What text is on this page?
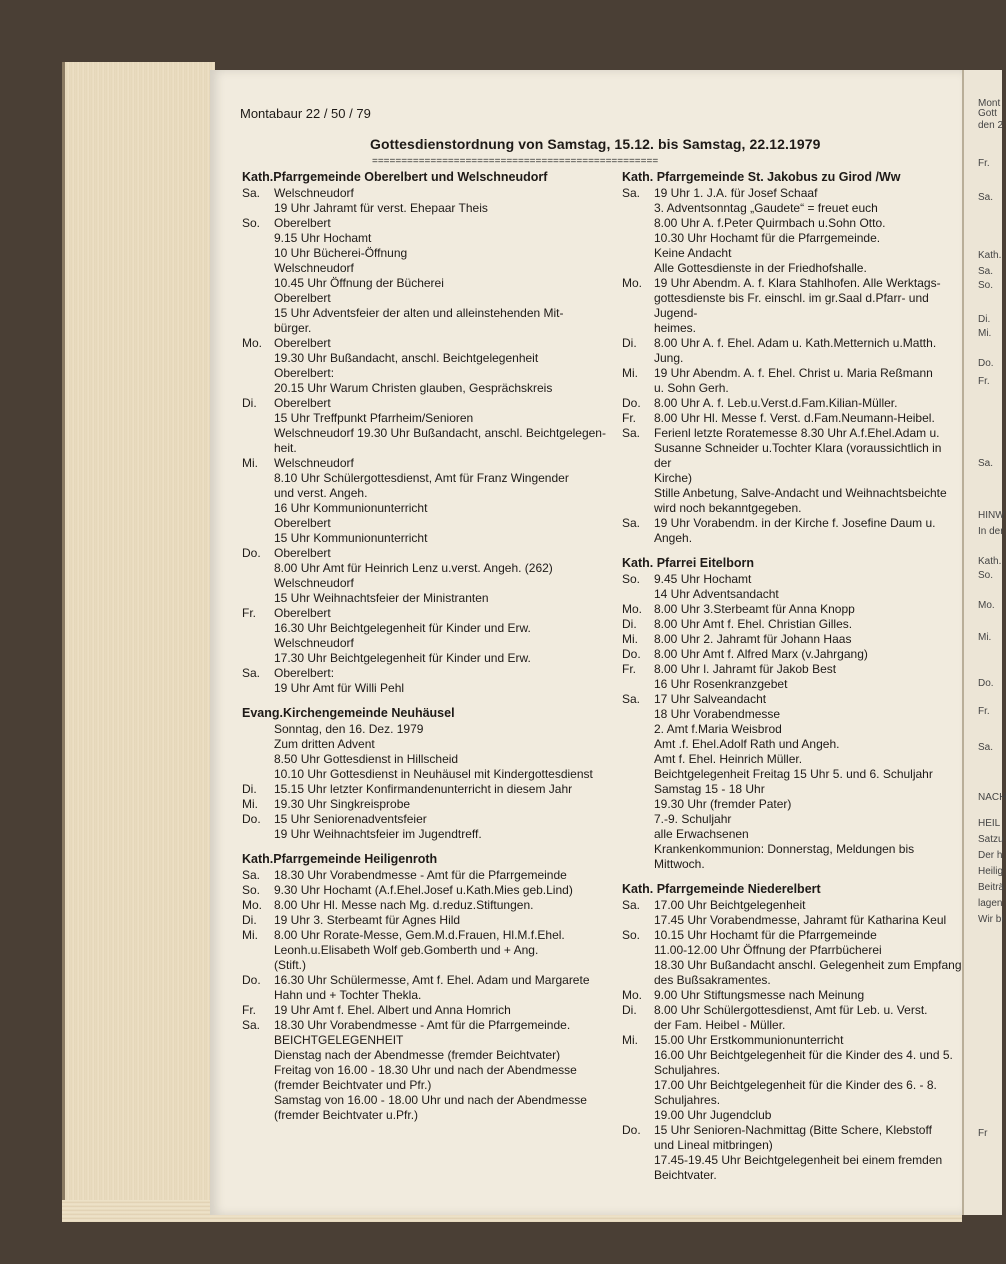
Mont
Gott
den 2
Fr.
Sa.
Kath.
Sa.
So.
Di.
Mi.
Do.
Fr.
Sa.
HINW
In der
Kath.
So.
Mo.
Mi.
Do.
Fr.
Sa.
NACH
HEIL
Satzu
Der h
Heilig
Beiträ
lagen
Wir bi
Fr
Montabaur 22 / 50 / 79
Gottesdienstordnung von Samstag, 15.12. bis Samstag, 22.12.1979
=================================================
Kath.Pfarrgemeinde Oberelbert und Welschneudorf
Sa.	Welschneudorf
19 Uhr Jahramt für verst. Ehepaar Theis
So.	Oberelbert
9.15 Uhr Hochamt
10 Uhr Bücherei-Öffnung
Welschneudorf
10.45 Uhr Öffnung der Bücherei
Oberelbert
15 Uhr Adventsfeier der alten und alleinstehenden Mit-
bürger.
Mo. Oberelbert
19.30 Uhr Bußandacht, anschl. Beichtgelegenheit
Oberelbert:
20.15 Uhr Warum Christen glauben, Gesprächskreis
Di.	Oberelbert
15 Uhr Treffpunkt Pfarrheim/Senioren
Welschneudorf 19.30 Uhr Bußandacht, anschl. Beichtgelegen-
heit.
Mi.	Welschneudorf
8.10 Uhr Schülergottesdienst, Amt für Franz Wingender
und verst. Angeh.
16 Uhr Kommunionunterricht
Oberelbert
15 Uhr Kommunionunterricht
Do.	Oberelbert
8.00 Uhr Amt für Heinrich Lenz u.verst. Angeh. (262)
Welschneudorf
15 Uhr Weihnachtsfeier der Ministranten
Fr.	Oberelbert
16.30 Uhr Beichtgelegenheit für Kinder und Erw.
Welschneudorf
17.30 Uhr Beichtgelegenheit für Kinder und Erw.
Sa.	Oberelbert:
19 Uhr Amt für Willi Pehl
Evang.Kirchengemeinde Neuhäusel
Sonntag, den 16. Dez. 1979
Zum dritten Advent
8.50 Uhr Gottesdienst in Hillscheid
10.10 Uhr Gottesdienst in Neuhäusel mit Kindergottesdienst
Di.	15.15 Uhr letzter Konfirmandenunterricht in diesem Jahr
Mi.	19.30 Uhr Singkreisprobe
Do.	15 Uhr Seniorenadventsfeier
19 Uhr Weihnachtsfeier im Jugendtreff.
Kath.Pfarrgemeinde Heiligenroth
Sa.	18.30 Uhr Vorabendmesse - Amt für die Pfarrgemeinde
So.	9.30 Uhr Hochamt (A.f.Ehel.Josef u.Kath.Mies geb.Lind)
Mo. 8.00 Uhr Hl. Messe nach Mg. d.reduz.Stiftungen.
Di.	19 Uhr 3. Sterbeamt für Agnes Hild
Mi.	8.00 Uhr Rorate-Messe, Gem.M.d.Frauen, Hl.M.f.Ehel.
Leonh.u.Elisabeth Wolf geb.Gomberth und + Ang.
(Stift.)
Do.	16.30 Uhr Schülermesse, Amt f. Ehel. Adam und Margarete
Hahn und + Tochter Thekla.
Fr.	19 Uhr Amt f. Ehel. Albert und Anna Homrich
Sa.	18.30 Uhr Vorabendmesse - Amt für die Pfarrgemeinde.
BEICHTGELEGENHEIT
Dienstag nach der Abendmesse (fremder Beichtvater)
Freitag von 16.00 - 18.30 Uhr und nach der Abendmesse
(fremder Beichtvater und Pfr.)
Samstag von 16.00 - 18.00 Uhr und nach der Abendmesse
(fremder Beichtvater u.Pfr.)
Kath. Pfarrgemeinde St. Jakobus zu Girod /Ww
Sa.	19 Uhr 1. J.A. für Josef Schaaf
3. Adventsonntag „Gaudete“ = freuet euch
8.00 Uhr A. f.Peter Quirmbach u.Sohn Otto.
10.30 Uhr Hochamt für die Pfarrgemeinde.
Keine Andacht
Alle Gottesdienste in der Friedhofshalle.
Mo. 19 Uhr Abendm. A. f. Klara Stahlhofen. Alle Werktags-
gottesdienste bis Fr. einschl. im gr.Saal d.Pfarr- und Jugend-
heimes.
Di.	8.00 Uhr A. f. Ehel. Adam u. Kath.Metternich u.Matth.
Jung.
Mi.	19 Uhr Abendm. A. f. Ehel. Christ u. Maria Reßmann
u. Sohn Gerh.
Do.	8.00 Uhr A. f. Leb.u.Verst.d.Fam.Kilian-Müller.
Fr.	8.00 Uhr Hl. Messe f. Verst. d.Fam.Neumann-Heibel.
Sa.	Ferienl letzte Roratemesse 8.30 Uhr A.f.Ehel.Adam u.
Susanne Schneider u.Tochter Klara (voraussichtlich in der
Kirche)
Stille Anbetung, Salve-Andacht und Weihnachtsbeichte
wird noch bekanntgegeben.
Sa.	19 Uhr Vorabendm. in der Kirche f. Josefine Daum u.
Angeh.
Kath. Pfarrei Eitelborn
So.	9.45 Uhr Hochamt
14 Uhr Adventsandacht
Mo. 8.00 Uhr 3.Sterbeamt für Anna Knopp
Di.	8.00 Uhr Amt f. Ehel. Christian Gilles.
Mi.	8.00 Uhr 2. Jahramt für Johann Haas
Do.	8.00 Uhr Amt f. Alfred Marx (v.Jahrgang)
Fr.	8.00 Uhr l. Jahramt für Jakob Best
16 Uhr Rosenkranzgebet
Sa.	17 Uhr Salveandacht
18 Uhr Vorabendmesse
2. Amt f.Maria Weisbrod
Amt .f. Ehel.Adolf Rath und Angeh.
Amt f. Ehel. Heinrich Müller.
Beichtgelegenheit Freitag 15 Uhr 5. und 6. Schuljahr
Samstag 15 - 18 Uhr
19.30 Uhr (fremder Pater)
7.-9. Schuljahr
alle Erwachsenen
Krankenkommunion: Donnerstag, Meldungen bis Mittwoch.
Kath. Pfarrgemeinde Niederelbert
Sa.	17.00 Uhr Beichtgelegenheit
17.45 Uhr Vorabendmesse, Jahramt für Katharina Keul
So.	10.15 Uhr Hochamt für die Pfarrgemeinde
11.00-12.00 Uhr Öffnung der Pfarrbücherei
18.30 Uhr Bußandacht anschl. Gelegenheit zum Empfang
des Bußsakramentes.
Mo. 9.00 Uhr Stiftungsmesse nach Meinung
Di.	8.00 Uhr Schülergottesdienst, Amt für Leb. u. Verst.
der Fam. Heibel - Müller.
Mi.	15.00 Uhr Erstkommunionunterricht
16.00 Uhr Beichtgelegenheit für die Kinder des 4. und 5.
Schuljahres.
17.00 Uhr Beichtgelegenheit für die Kinder des 6. - 8.
Schuljahres.
19.00 Uhr Jugendclub
Do.	15 Uhr Senioren-Nachmittag (Bitte Schere, Klebstoff
und Lineal mitbringen)
17.45-19.45 Uhr Beichtgelegenheit bei einem fremden
Beichtvater.
